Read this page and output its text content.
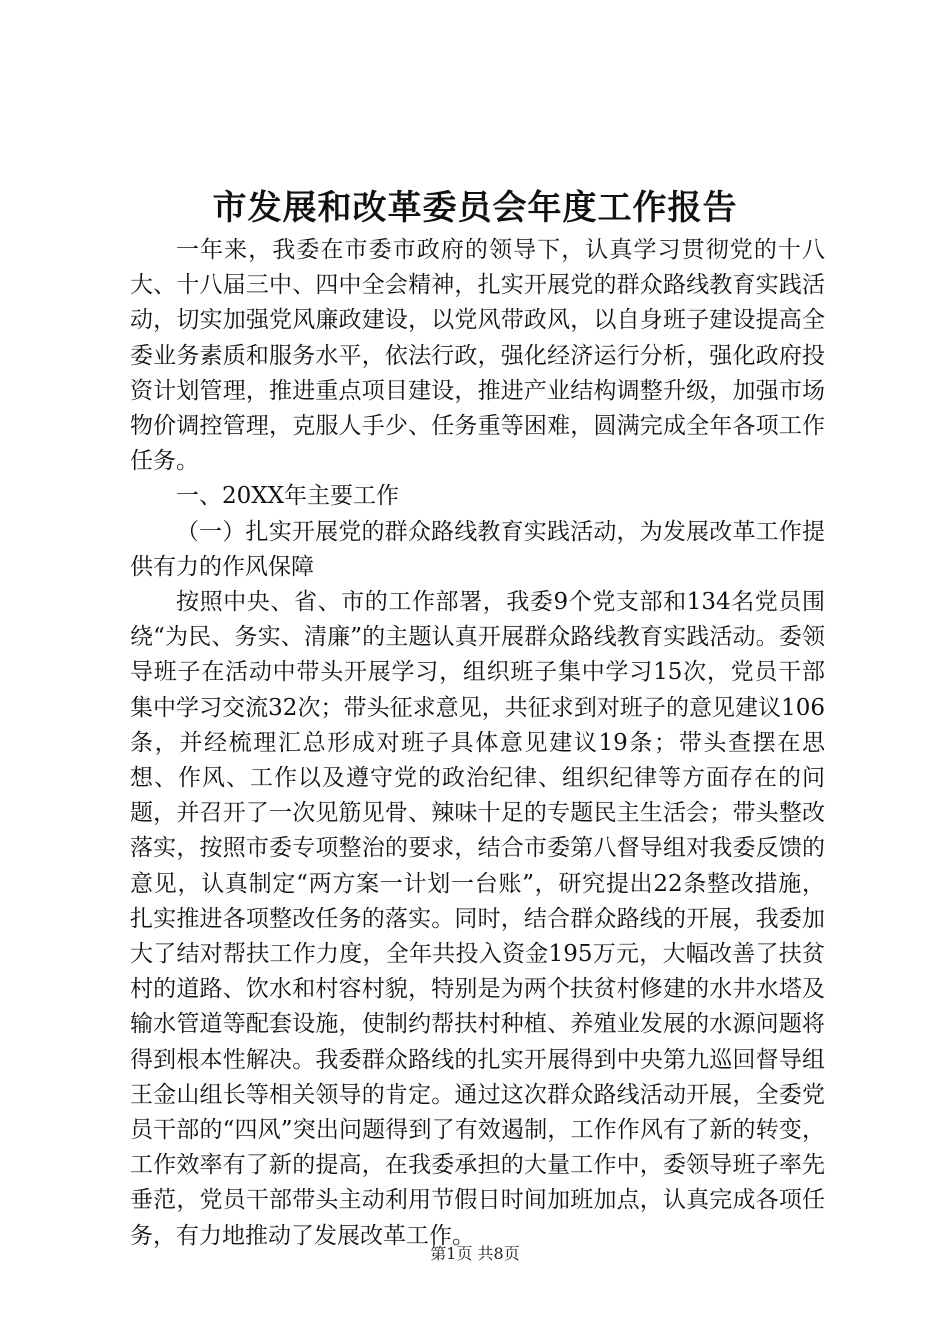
市发展和改革委员会年度工作报告

一年来，我委在市委市政府的领导下，认真学习贯彻党的十八大、十八届三中、四中全会精神，扎实开展党的群众路线教育实践活动，切实加强党风廉政建设，以党风带政风，以自身班子建设提高全委业务素质和服务水平，依法行政，强化经济运行分析，强化政府投资计划管理，推进重点项目建设，推进产业结构调整升级，加强市场物价调控管理，克服人手少、任务重等困难，圆满完成全年各项工作任务。

一、20XX年主要工作

（一）扎实开展党的群众路线教育实践活动，为发展改革工作提供有力的作风保障

按照中央、省、市的工作部署，我委9个党支部和134名党员围绕“为民、务实、清廉”的主题认真开展群众路线教育实践活动。委领导班子在活动中带头开展学习，组织班子集中学习15次，党员干部集中学习交流32次；带头征求意见，共征求到对班子的意见建议106条，并经梳理汇总形成对班子具体意见建议19条；带头查摆在思想、作风、工作以及遵守党的政治纪律、组织纪律等方面存在的问题，并召开了一次见筋见骨、辣味十足的专题民主生活会；带头整改落实，按照市委专项整治的要求，结合市委第八督导组对我委反馈的意见，认真制定“两方案一计划一台账”，研究提出22条整改措施，扎实推进各项整改任务的落实。同时，结合群众路线的开展，我委加大了结对帮扶工作力度，全年共投入资金195万元，大幅改善了扶贫村的道路、饮水和村容村貌，特别是为两个扶贫村修建的水井水塔及输水管道等配套设施，使制约帮扶村种植、养殖业发展的水源问题将得到根本性解决。我委群众路线的扎实开展得到中央第九巡回督导组王金山组长等相关领导的肯定。通过这次群众路线活动开展，全委党员干部的“四风”突出问题得到了有效遏制，工作作风有了新的转变，工作效率有了新的提高，在我委承担的大量工作中，委领导班子率先垂范，党员干部带头主动利用节假日时间加班加点，认真完成各项任务，有力地推动了发展改革工作。

第1页 共8页
